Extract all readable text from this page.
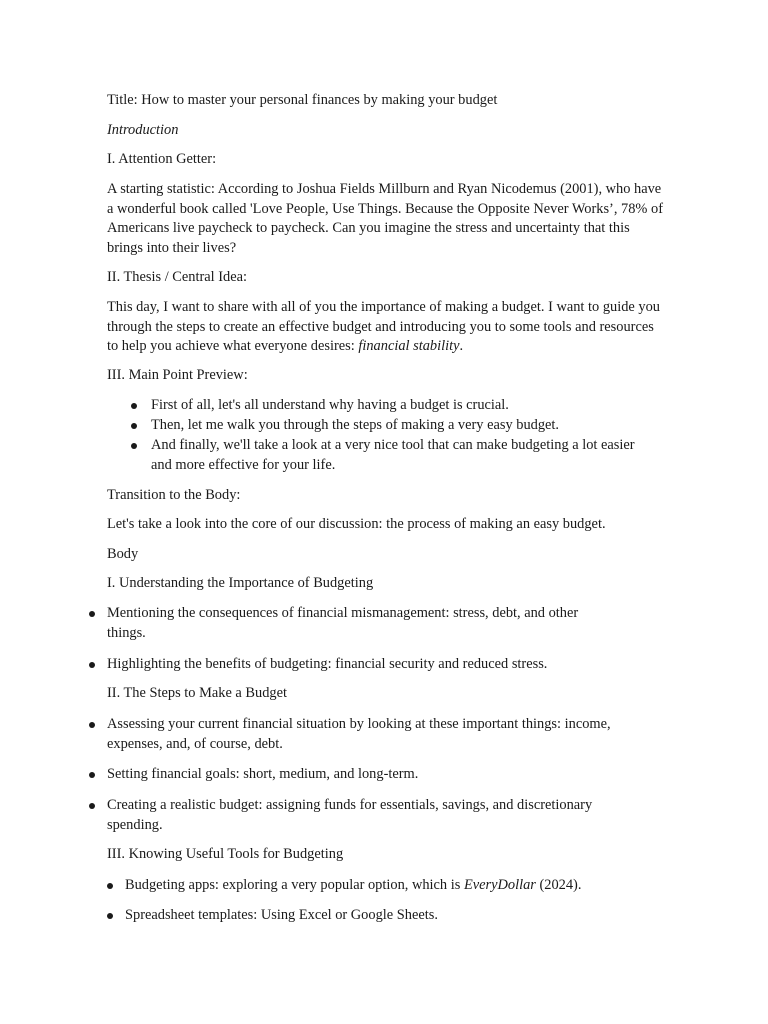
Title: How to master your personal finances by making your budget

Introduction

I. Attention Getter:

A starting statistic: According to Joshua Fields Millburn and Ryan Nicodemus (2001), who have a wonderful book called 'Love People, Use Things. Because the Opposite Never Works’, 78% of Americans live paycheck to paycheck. Can you imagine the stress and uncertainty that this brings into their lives?

II. Thesis / Central Idea:

This day, I want to share with all of you the importance of making a budget. I want to guide you through the steps to create an effective budget and introducing you to some tools and resources to help you achieve what everyone desires: financial stability.

III. Main Point Preview:

First of all, let's all understand why having a budget is crucial.
Then, let me walk you through the steps of making a very easy budget.
And finally, we'll take a look at a very nice tool that can make budgeting a lot easier and more effective for your life.

Transition to the Body:

Let's take a look into the core of our discussion: the process of making an easy budget.

Body

I. Understanding the Importance of Budgeting

Mentioning the consequences of financial mismanagement: stress, debt, and other things.
Highlighting the benefits of budgeting: financial security and reduced stress.

II. The Steps to Make a Budget

Assessing your current financial situation by looking at these important things: income, expenses, and, of course, debt.
Setting financial goals: short, medium, and long-term.
Creating a realistic budget: assigning funds for essentials, savings, and discretionary spending.

III. Knowing Useful Tools for Budgeting

Budgeting apps: exploring a very popular option, which is EveryDollar (2024).
Spreadsheet templates: Using Excel or Google Sheets.
